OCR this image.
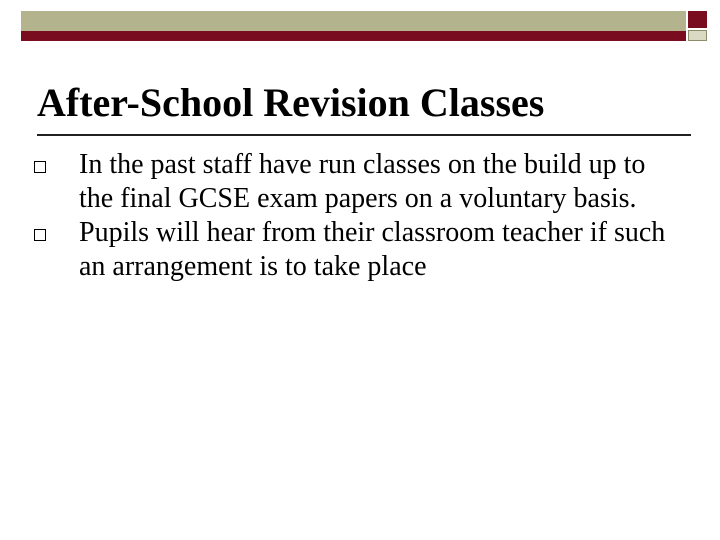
After-School Revision Classes
In the past staff have run classes on the build up to the final GCSE exam papers on a voluntary basis.
Pupils will hear from their classroom teacher if such an arrangement is to take place
